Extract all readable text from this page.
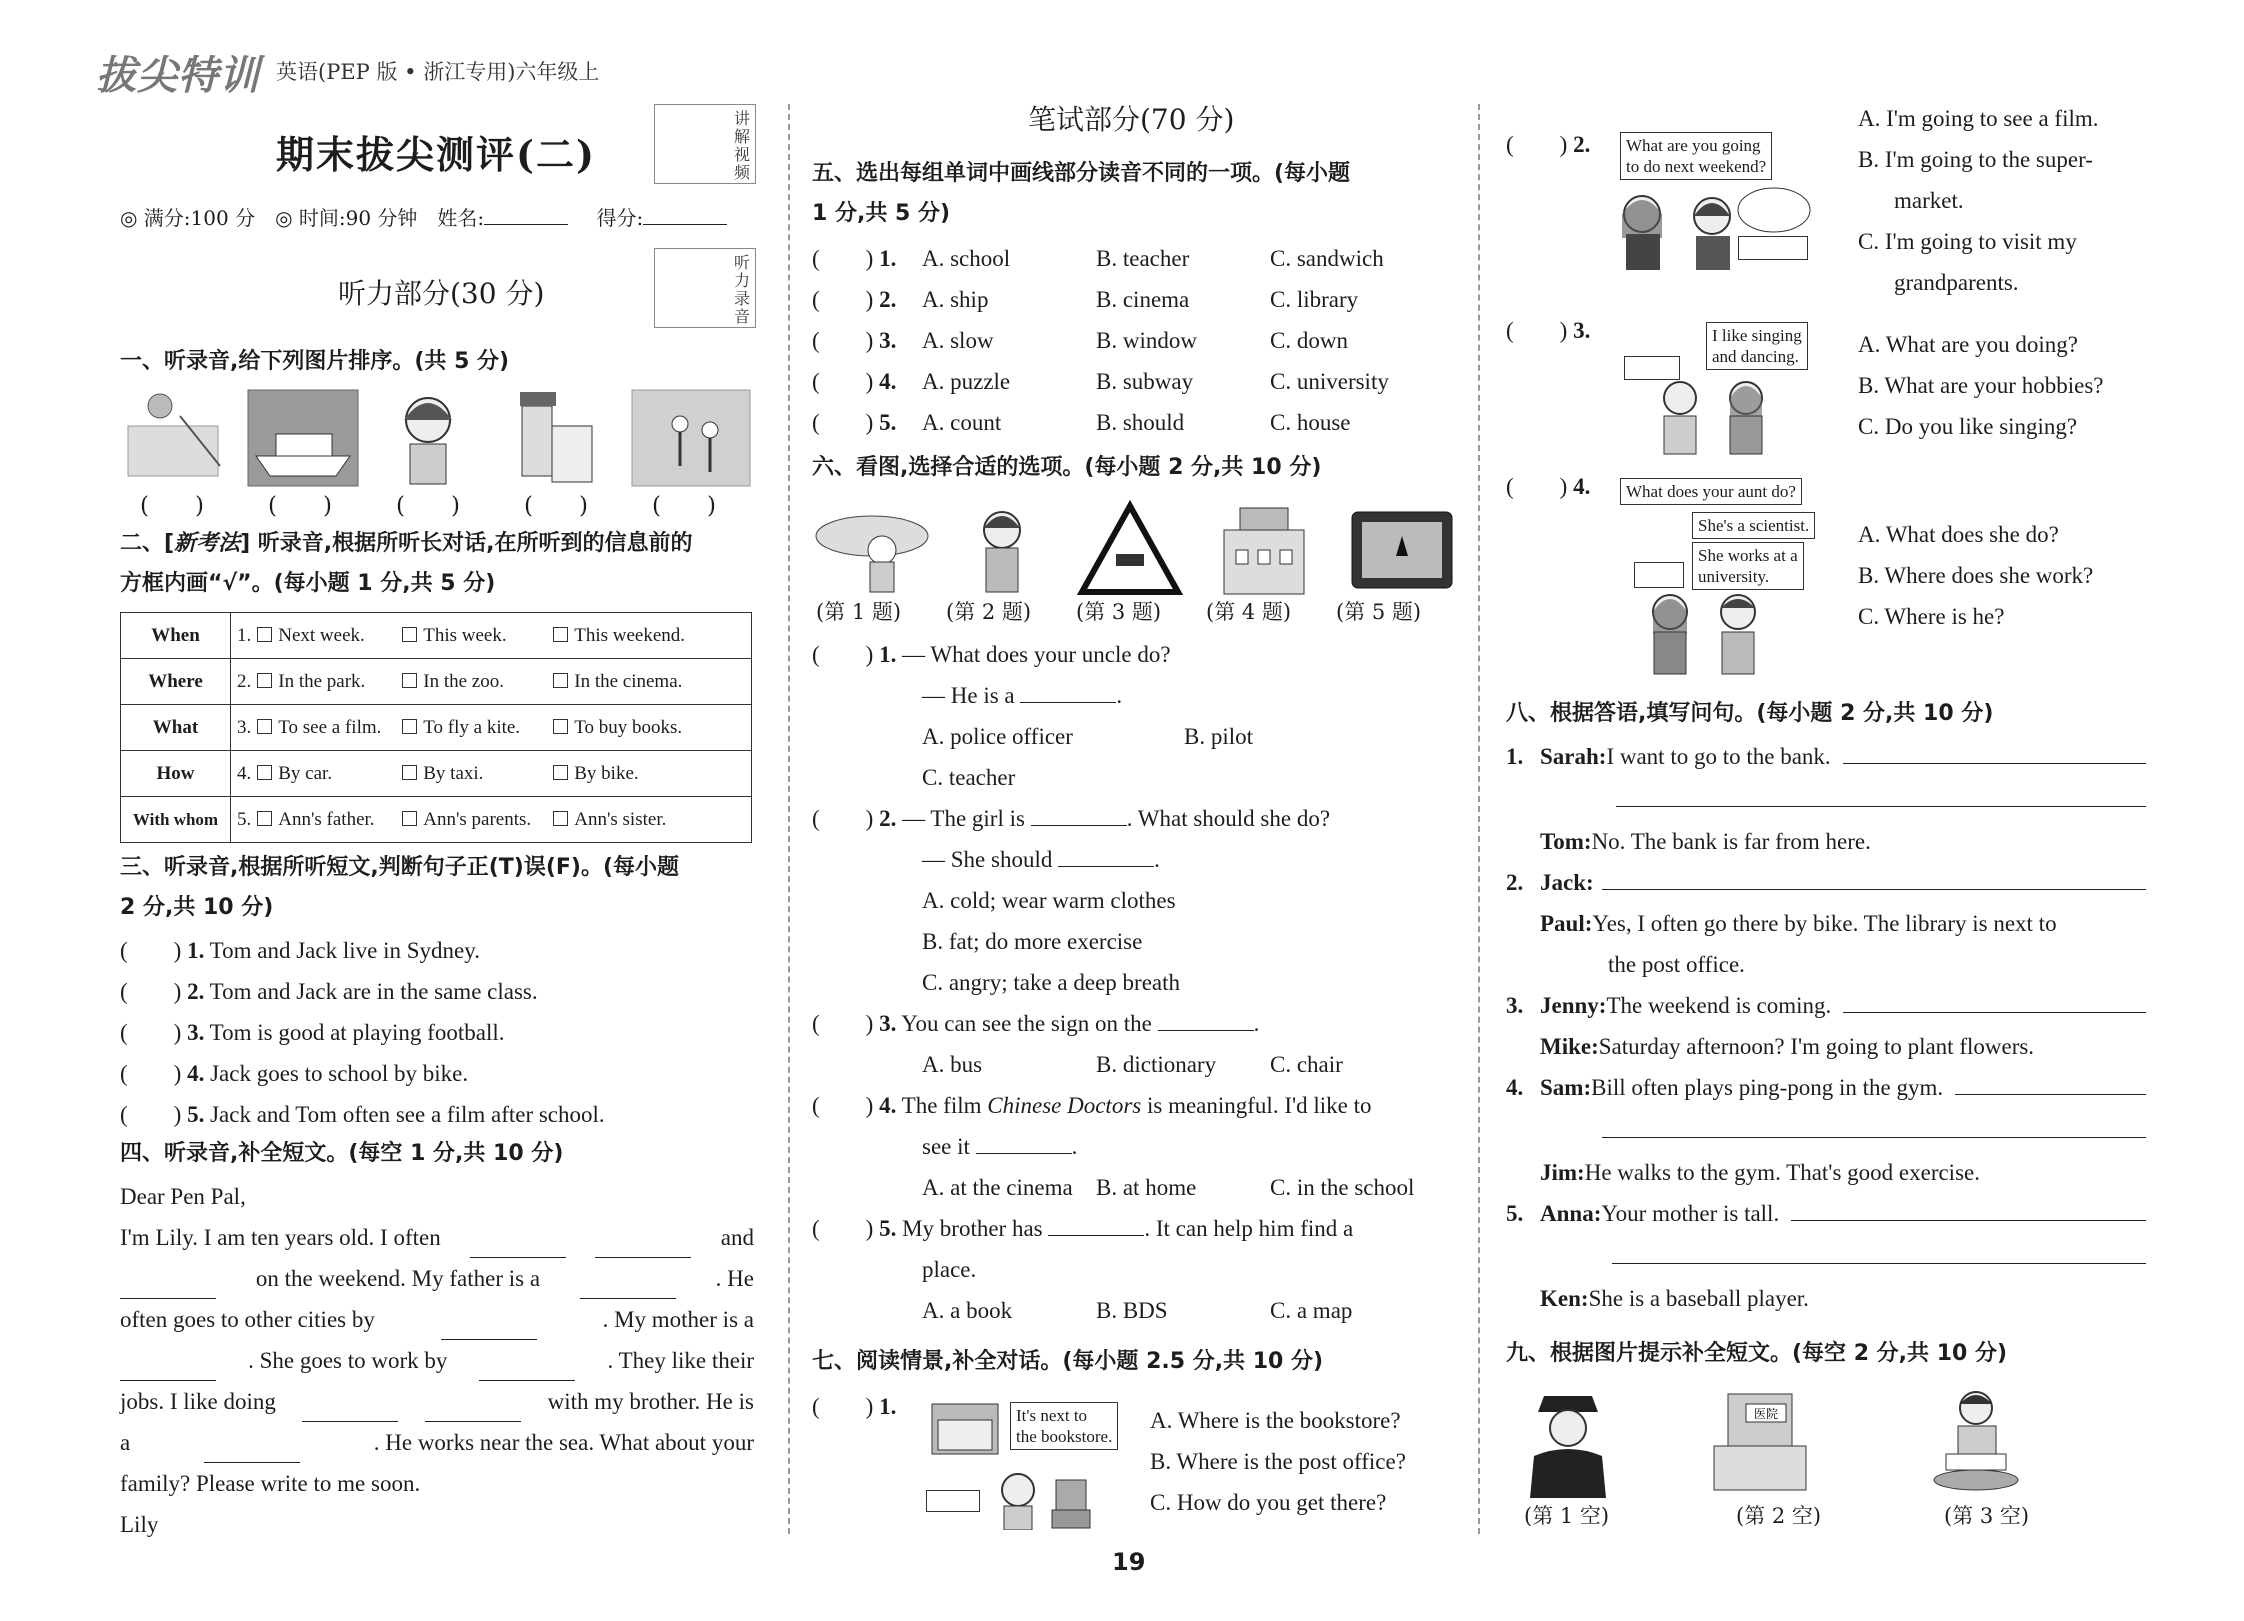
拔尖特训 英语(PEP 版 • 浙江专用)六年级上
期末拔尖测评(二)
讲解视频
◎ 满分:100 分　◎ 时间:90 分钟　姓名:	得分:
听力录音
听力部分(30 分)
一、听录音,给下列图片排序。(共 5 分)
(　　)	(　　)	(　　)	(　　)	(　　)
二、[新考法] 听录音,根据所听长对话,在所听到的信息前的
方框内画“√”。(每小题 1 分,共 5 分)
When	1. Next week. This week. This weekend.
Where	2. In the park. In the zoo. In the cinema.
What	3. To see a film. To fly a kite. To buy books.
How	4. By car. By taxi. By bike.
With whom	5. Ann's father. Ann's parents. Ann's sister.
三、听录音,根据所听短文,判断句子正(T)误(F)。(每小题
2 分,共 10 分)
(　　) 1. Tom and Jack live in Sydney.
(　　) 2. Tom and Jack are in the same class.
(　　) 3. Tom is good at playing football.
(　　) 4. Jack goes to school by bike.
(　　) 5. Jack and Tom often see a film after school.
四、听录音,补全短文。(每空 1 分,共 10 分)
Dear Pen Pal,
I'm Lily. I am ten years old. I often	and
on the weekend. My father is a	. He
often goes to other cities by	. My mother is a
. She goes to work by	. They like their
jobs. I like doing	with my brother. He is
a	. He works near the sea. What about your
family? Please write to me soon.
Lily
笔试部分(70 分)
五、选出每组单词中画线部分读音不同的一项。(每小题
1 分,共 5 分)
(　　) 1. A. school	B. teacher	C. sandwich
(　　) 2. A. ship	B. cinema	C. library
(　　) 3. A. slow	B. window	C. down
(　　) 4. A. puzzle	B. subway	C. university
(　　) 5. A. count	B. should	C. house
六、看图,选择合适的选项。(每小题 2 分,共 10 分)
(第 1 题) (第 2 题) (第 3 题) (第 4 题) (第 5 题)
(　　) 1. — What does your uncle do?
— He is a	.
A. police officer	B. pilot
C. teacher
(　　) 2. — The girl is	. What should she do?
— She should	.
A. cold; wear warm clothes
B. fat; do more exercise
C. angry; take a deep breath
(　　) 3. You can see the sign on the	.
A. bus	B. dictionary C. chair
(　　) 4. The film Chinese Doctors is meaningful. I'd like to
see it	.
A. at the cinema B. at home	C. in the school
(　　) 5. My brother has	. It can help him find a
place.
A. a book	B. BDS	C. a map
七、阅读情景,补全对话。(每小题 2.5 分,共 10 分)
(　　) 1.	It's next to
the bookstore.
A. Where is the bookstore?
B. Where is the post office?
C. How do you get there?
(　　) 2. What are you going
to do next weekend?
A. I'm going to see a film.
B. I'm going to the super-
market.
C. I'm going to visit my
grandparents.
(　　) 3.	I like singing
and dancing.	A. What are you doing?
B. What are your hobbies?
C. Do you like singing?
(　　) 4.	What does your aunt do?
She's a scientist.
She works at a
university.
A. What does she do?
B. Where does she work?
C. Where is he?
八、根据答语,填写问句。(每小题 2 分,共 10 分)
1. Sarah: I want to go to the bank.
Tom:No. The bank is far from here.
2. Jack:
Paul:Yes, I often go there by bike. The library is next to
the post office.
3. Jenny: The weekend is coming.
Mike:Saturday afternoon? I'm going to plant flowers.
4. Sam: Bill often plays ping-pong in the gym.
Jim:He walks to the gym. That's good exercise.
5. Anna: Your mother is tall.
Ken:She is a baseball player.
九、根据图片提示补全短文。(每空 2 分,共 10 分)
医院
(第 1 空)	(第 2 空)	(第 3 空)
19
